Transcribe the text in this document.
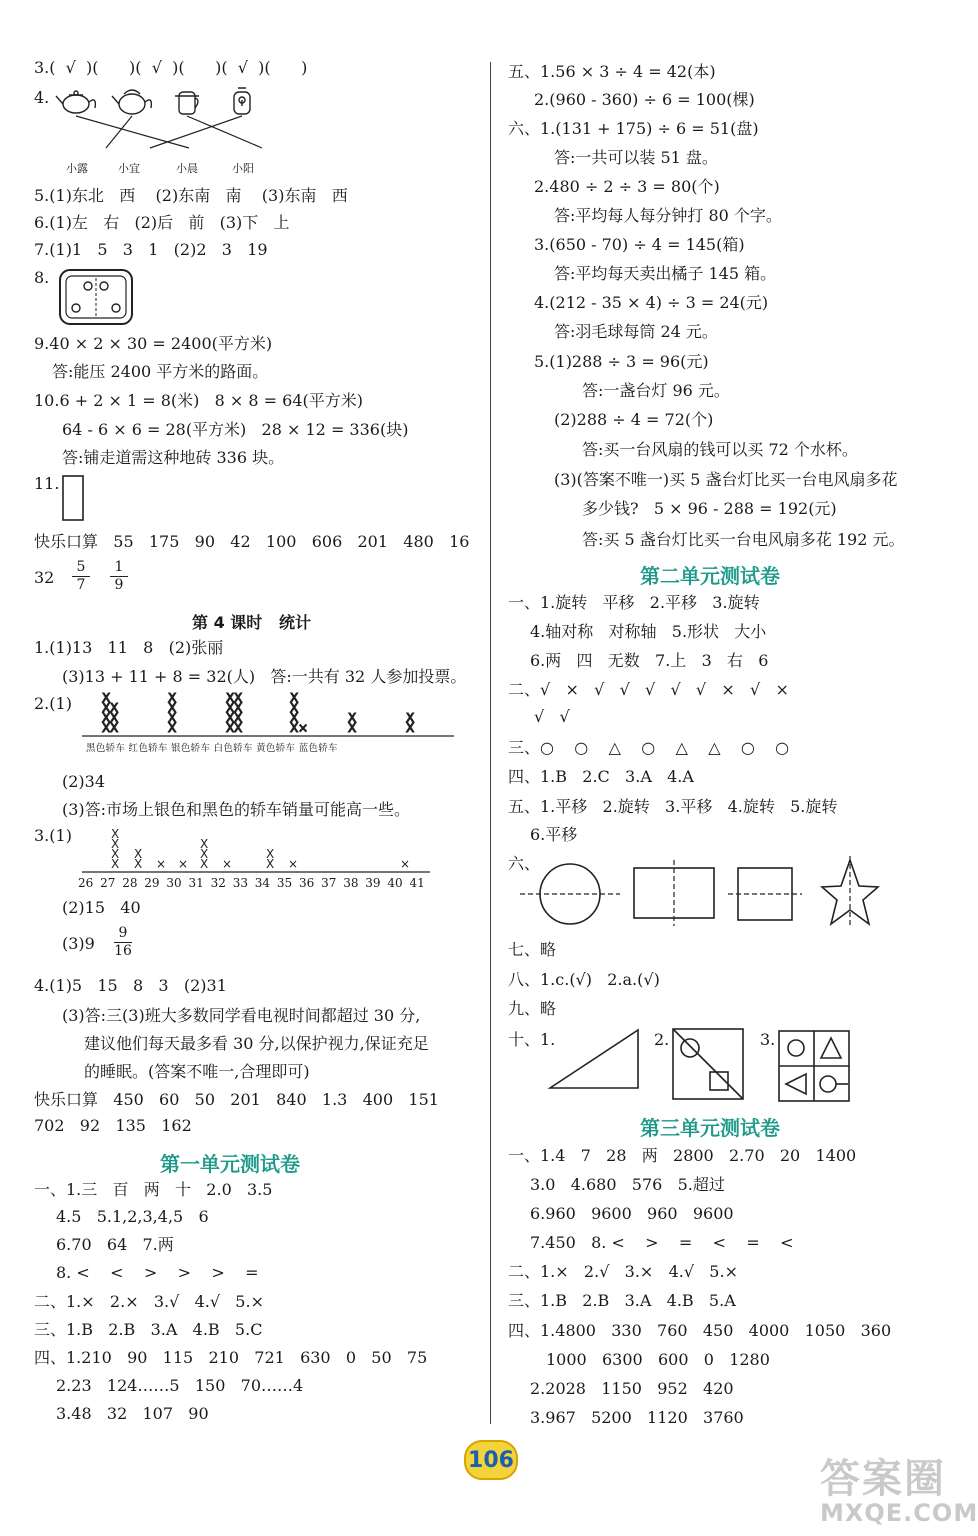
3.(  √  )(      )(  √  )(      )(  √  )(      )
4.
小露	小宜	小晨	小阳
5.(1)东北   西    (2)东南   南    (3)东南   西
6.(1)左   右   (2)后   前   (3)下   上
7.(1)1   5   3   1   (2)2   3   19
8.
9.40 × 2 × 30 = 2400(平方米)
答:能压 2400 平方米的路面。
10.6 + 2 × 1 = 8(米)   8 × 8 = 64(平方米)
64 - 6 × 6 = 28(平方米)   28 × 12 = 336(块)
答:铺走道需这种地砖 336 块。
11.
快乐口算   55   175   90   42   100   606   201   480   16
32
5
7
1
9
第 4 课时   统计
1.(1)13   11   8   (2)张丽
(3)13 + 11 + 8 = 32(人)   答:一共有 32 人参加投票。
2.(1)	X
X
X
X
X
X
X
X
X
X
X
X
X
X
X
X
X
X
X
X
X
X
X ×
X
X
X
X
黑色轿车 红色轿车 银色轿车 白色轿车 黄色轿车 蓝色轿车
(2)34
(3)答:市场上银色和黑色的轿车销量可能高一些。
3.(1)	X
X
X
X
X
X × ×
X
X
X ×
X
X ×	×
26 27 28 29 30 31 32 33 34 35 36 37 38 39 40 41
(2)15   40
(3)9
9
16
4.(1)5   15   8   3   (2)31
(3)答:三(3)班大多数同学看电视时间都超过 30 分,
建议他们每天最多看 30 分,以保护视力,保证充足
的睡眠。(答案不唯一,合理即可)
快乐口算   450   60   50   201   840   1.3   400   151
702   92   135   162
第一单元测试卷
一、1.三   百   两   十   2.0   3.5
4.5   5.1,2,3,4,5   6
6.70   64   7.两
8. <    <    >    >    >    =
二、1.×   2.×   3.√   4.√   5.×
三、1.B   2.B   3.A   4.B   5.C
四、1.210   90   115   210   721   630   0   50   75
2.23   124……5   150   70……4
3.48   32   107   90
五、1.56 × 3 ÷ 4 = 42(本)
2.(960 - 360) ÷ 6 = 100(棵)
六、1.(131 + 175) ÷ 6 = 51(盘)
答:一共可以装 51 盘。
2.480 ÷ 2 ÷ 3 = 80(个)
答:平均每人每分钟打 80 个字。
3.(650 - 70) ÷ 4 = 145(箱)
答:平均每天卖出橘子 145 箱。
4.(212 - 35 × 4) ÷ 3 = 24(元)
答:羽毛球每筒 24 元。
5.(1)288 ÷ 3 = 96(元)
答:一盏台灯 96 元。
(2)288 ÷ 4 = 72(个)
答:买一台风扇的钱可以买 72 个水杯。
(3)(答案不唯一)买 5 盏台灯比买一台电风扇多花
多少钱?   5 × 96 - 288 = 192(元)
答:买 5 盏台灯比买一台电风扇多花 192 元。
第二单元测试卷
一、1.旋转   平移   2.平移   3.旋转
4.轴对称   对称轴   5.形状   大小
6.两   四   无数   7.上   3   右   6
二、√   ×   √   √   √   √   √   ×   √   ×
√   √
三、○    ○    △    ○    △    △    ○    ○
四、1.B   2.C   3.A   4.A
五、1.平移   2.旋转   3.平移   4.旋转   5.旋转
6.平移
六、
七、略
八、1.c.(√)   2.a.(√)
九、略
十、1.	2.	3.
第三单元测试卷
一、1.4   7   28   两   2800   2.70   20   1400
3.0   4.680   576   5.超过
6.960   9600   960   9600
7.450   8. <    >    =    <    =    <
二、1.×   2.√   3.×   4.√   5.×
三、1.B   2.B   3.A   4.B   5.A
四、1.4800   330   760   450   4000   1050   360
1000   6300   600   0   1280
2.2028   1150   952   420
3.967   5200   1120   3760
106	答案圈
MXQE.COM
